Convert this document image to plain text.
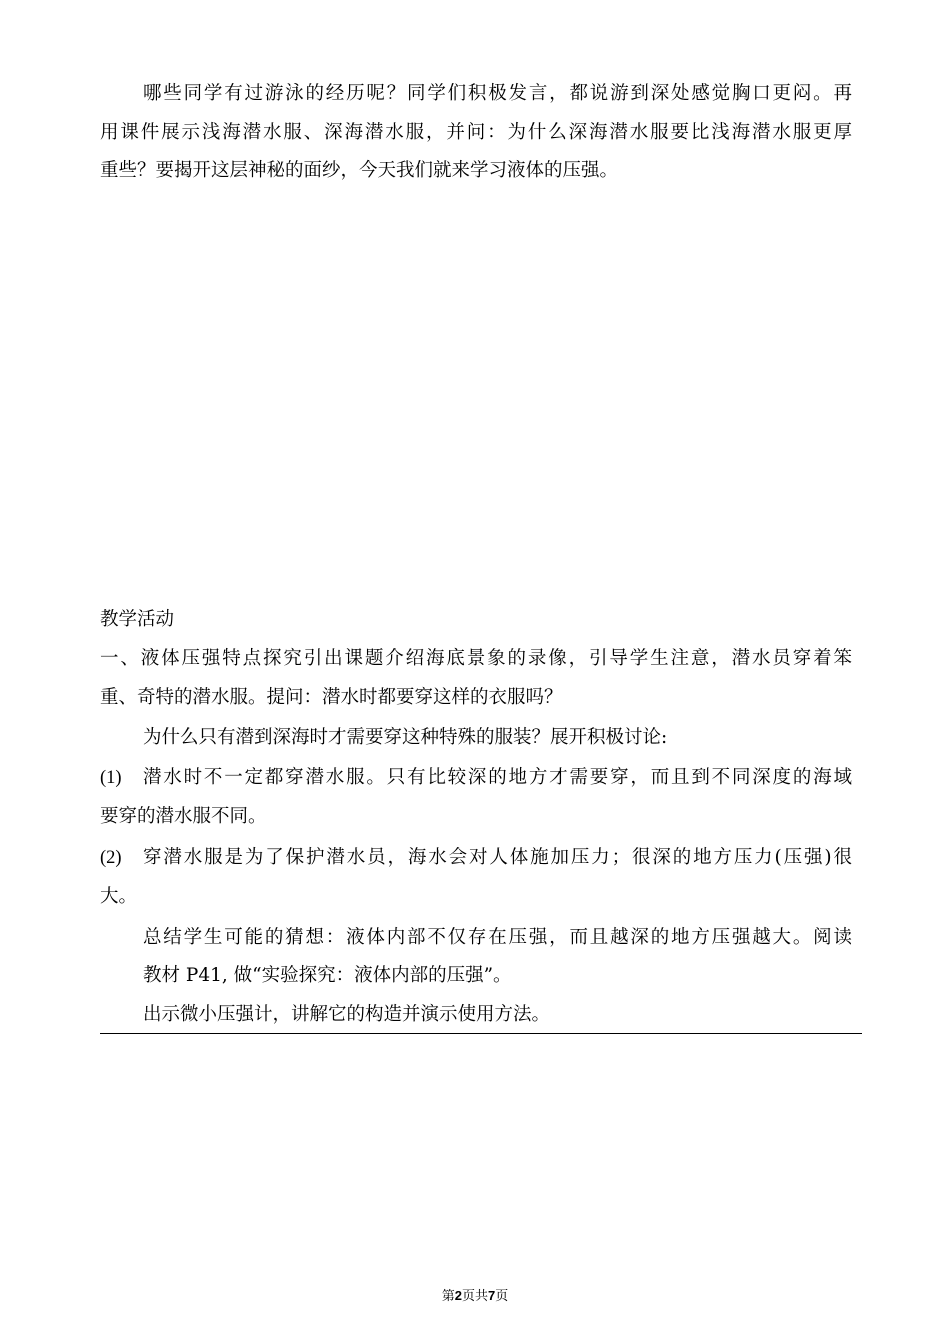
哪些同学有过游泳的经历呢？同学们积极发言，都说游到深处感觉胸口更闷。再
用课件展示浅海潜水服、深海潜水服，并问：为什么深海潜水服要比浅海潜水服更厚
重些？要揭开这层神秘的面纱，今天我们就来学习液体的压强。
教学活动
一、液体压强特点探究引出课题介绍海底景象的录像，引导学生注意，潜水员穿着笨
重、奇特的潜水服。提问：潜水时都要穿这样的衣服吗？
为什么只有潜到深海时才需要穿这种特殊的服装？展开积极讨论:
(1) 潜水时不一定都穿潜水服。只有比较深的地方才需要穿，而且到不同深度的海域
要穿的潜水服不同。
(2) 穿潜水服是为了保护潜水员，海水会对人体施加压力；很深的地方压力(压强)很
大。
总结学生可能的猜想：液体内部不仅存在压强，而且越深的地方压强越大。阅读
教材 P41, 做“实验探究：液体内部的压强”。
出示微小压强计，讲解它的构造并演示使用方法。
第2页共7页
